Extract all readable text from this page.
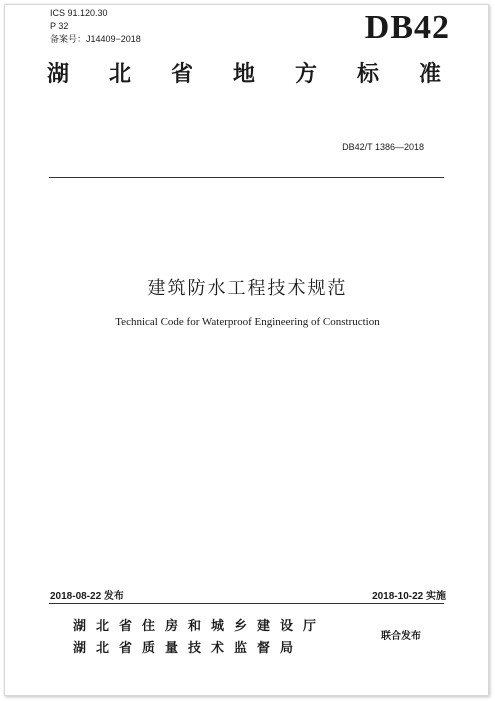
ICS 91.120.30
P 32
备案号：J14409−2018	DB42
湖 北 省 地 方 标 准
DB42/T 1386—2018
建筑防水工程技术规范
Technical Code for Waterproof Engineering of Construction
2018-08-22 发布	2018-10-22 实施
湖北省住房和城乡建设厅
湖北省质量技术监督局
联合发布
